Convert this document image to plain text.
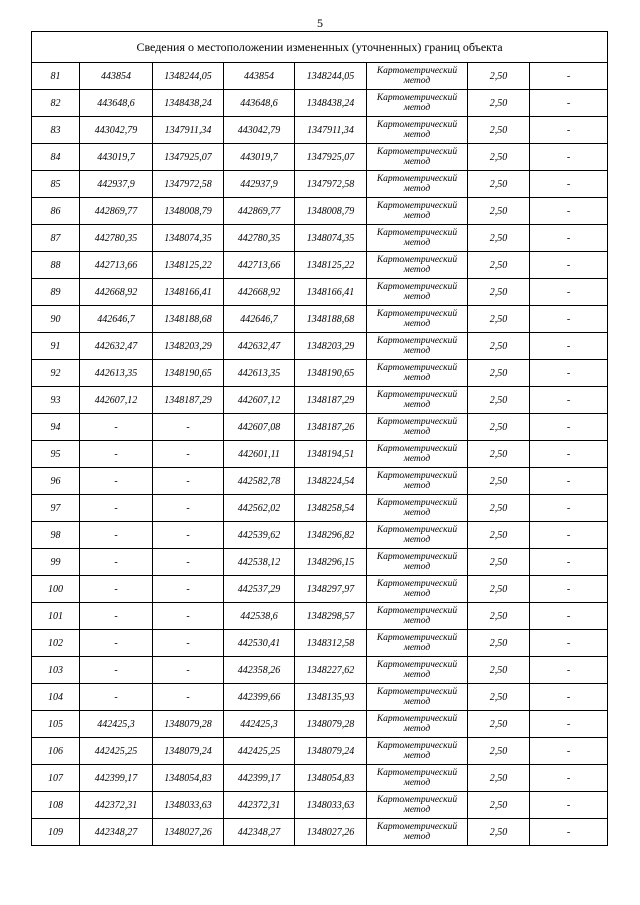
5
Сведения о местоположении измененных (уточненных) границ объекта							
81	443854	1348244,05	443854	1348244,05	Картометрический метод	2,50	-
82	443648,6	1348438,24	443648,6	1348438,24	Картометрический метод	2,50	-
83	443042,79	1347911,34	443042,79	1347911,34	Картометрический метод	2,50	-
84	443019,7	1347925,07	443019,7	1347925,07	Картометрический метод	2,50	-
85	442937,9	1347972,58	442937,9	1347972,58	Картометрический метод	2,50	-
86	442869,77	1348008,79	442869,77	1348008,79	Картометрический метод	2,50	-
87	442780,35	1348074,35	442780,35	1348074,35	Картометрический метод	2,50	-
88	442713,66	1348125,22	442713,66	1348125,22	Картометрический метод	2,50	-
89	442668,92	1348166,41	442668,92	1348166,41	Картометрический метод	2,50	-
90	442646,7	1348188,68	442646,7	1348188,68	Картометрический метод	2,50	-
91	442632,47	1348203,29	442632,47	1348203,29	Картометрический метод	2,50	-
92	442613,35	1348190,65	442613,35	1348190,65	Картометрический метод	2,50	-
93	442607,12	1348187,29	442607,12	1348187,29	Картометрический метод	2,50	-
94	-	-	442607,08	1348187,26	Картометрический метод	2,50	-
95	-	-	442601,11	1348194,51	Картометрический метод	2,50	-
96	-	-	442582,78	1348224,54	Картометрический метод	2,50	-
97	-	-	442562,02	1348258,54	Картометрический метод	2,50	-
98	-	-	442539,62	1348296,82	Картометрический метод	2,50	-
99	-	-	442538,12	1348296,15	Картометрический метод	2,50	-
100	-	-	442537,29	1348297,97	Картометрический метод	2,50	-
101	-	-	442538,6	1348298,57	Картометрический метод	2,50	-
102	-	-	442530,41	1348312,58	Картометрический метод	2,50	-
103	-	-	442358,26	1348227,62	Картометрический метод	2,50	-
104	-	-	442399,66	1348135,93	Картометрический метод	2,50	-
105	442425,3	1348079,28	442425,3	1348079,28	Картометрический метод	2,50	-
106	442425,25	1348079,24	442425,25	1348079,24	Картометрический метод	2,50	-
107	442399,17	1348054,83	442399,17	1348054,83	Картометрический метод	2,50	-
108	442372,31	1348033,63	442372,31	1348033,63	Картометрический метод	2,50	-
109	442348,27	1348027,26	442348,27	1348027,26	Картометрический метод	2,50	-
